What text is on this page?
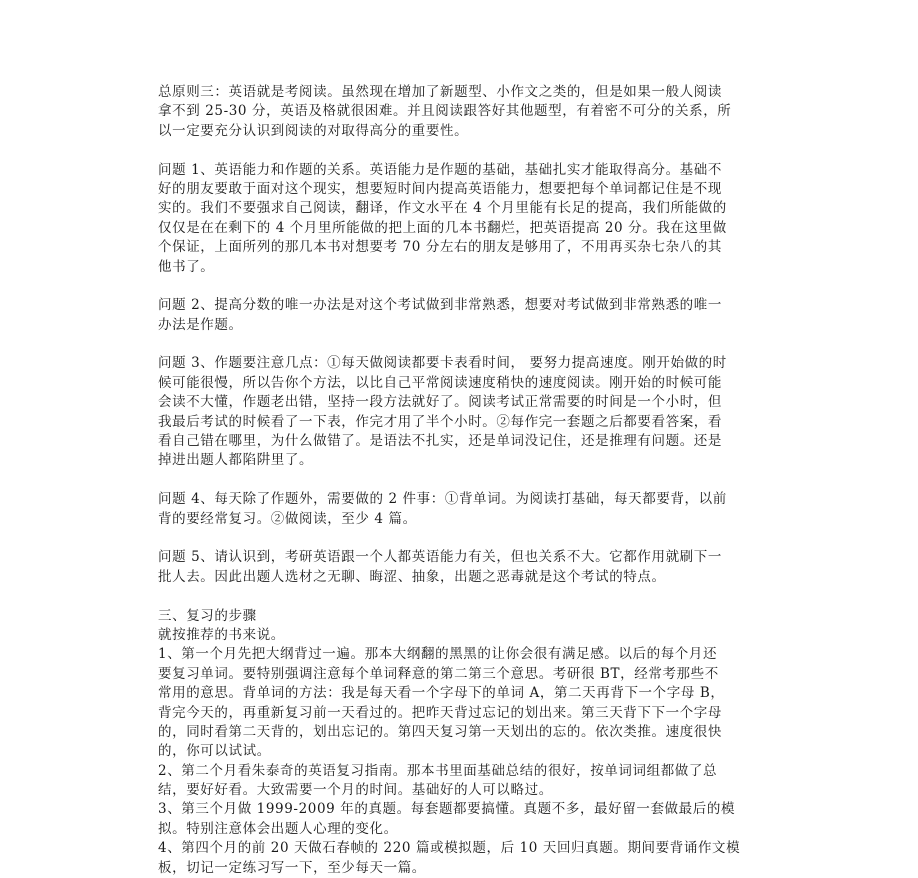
总原则三：英语就是考阅读。虽然现在增加了新题型、小作文之类的，但是如果一般人阅读
拿不到 25-30 分，英语及格就很困难。并且阅读跟答好其他题型，有着密不可分的关系，所
以一定要充分认识到阅读的对取得高分的重要性。
问题 1、英语能力和作题的关系。英语能力是作题的基础，基础扎实才能取得高分。基础不
好的朋友要敢于面对这个现实，想要短时间内提高英语能力，想要把每个单词都记住是不现
实的。我们不要强求自己阅读，翻译，作文水平在 4 个月里能有长足的提高，我们所能做的
仅仅是在在剩下的 4 个月里所能做的把上面的几本书翻烂，把英语提高 20 分。我在这里做
个保证，上面所列的那几本书对想要考 70 分左右的朋友是够用了，不用再买杂七杂八的其
他书了。
问题 2、提高分数的唯一办法是对这个考试做到非常熟悉，想要对考试做到非常熟悉的唯一
办法是作题。
问题 3、作题要注意几点：①每天做阅读都要卡表看时间， 要努力提高速度。刚开始做的时
候可能很慢，所以告你个方法，以比自己平常阅读速度稍快的速度阅读。刚开始的时候可能
会读不大懂，作题老出错，坚持一段方法就好了。阅读考试正常需要的时间是一个小时，但
我最后考试的时候看了一下表，作完才用了半个小时。②每作完一套题之后都要看答案，看
看自己错在哪里，为什么做错了。是语法不扎实，还是单词没记住，还是推理有问题。还是
掉进出题人都陷阱里了。
问题 4、每天除了作题外，需要做的 2 件事：①背单词。为阅读打基础，每天都要背，以前
背的要经常复习。②做阅读，至少 4 篇。
问题 5、请认识到，考研英语跟一个人都英语能力有关，但也关系不大。它都作用就刷下一
批人去。因此出题人选材之无聊、晦涩、抽象，出题之恶毒就是这个考试的特点。
三、复习的步骤
就按推荐的书来说。
1、第一个月先把大纲背过一遍。那本大纲翻的黑黑的让你会很有满足感。以后的每个月还
要复习单词。要特别强调注意每个单词释意的第二第三个意思。考研很 BT，经常考那些不
常用的意思。背单词的方法：我是每天看一个字母下的单词 A，第二天再背下一个字母 B，
背完今天的，再重新复习前一天看过的。把昨天背过忘记的划出来。第三天背下下一个字母
的，同时看第二天背的，划出忘记的。第四天复习第一天划出的忘的。依次类推。速度很快
的，你可以试试。
2、第二个月看朱泰奇的英语复习指南。那本书里面基础总结的很好，按单词词组都做了总
结，要好好看。大致需要一个月的时间。基础好的人可以略过。
3、第三个月做 1999-2009 年的真题。每套题都要搞懂。真题不多，最好留一套做最后的模
拟。特别注意体会出题人心理的变化。
4、第四个月的前 20 天做石春帧的 220 篇或模拟题，后 10 天回归真题。期间要背诵作文模
板，切记一定练习写一下，至少每天一篇。
